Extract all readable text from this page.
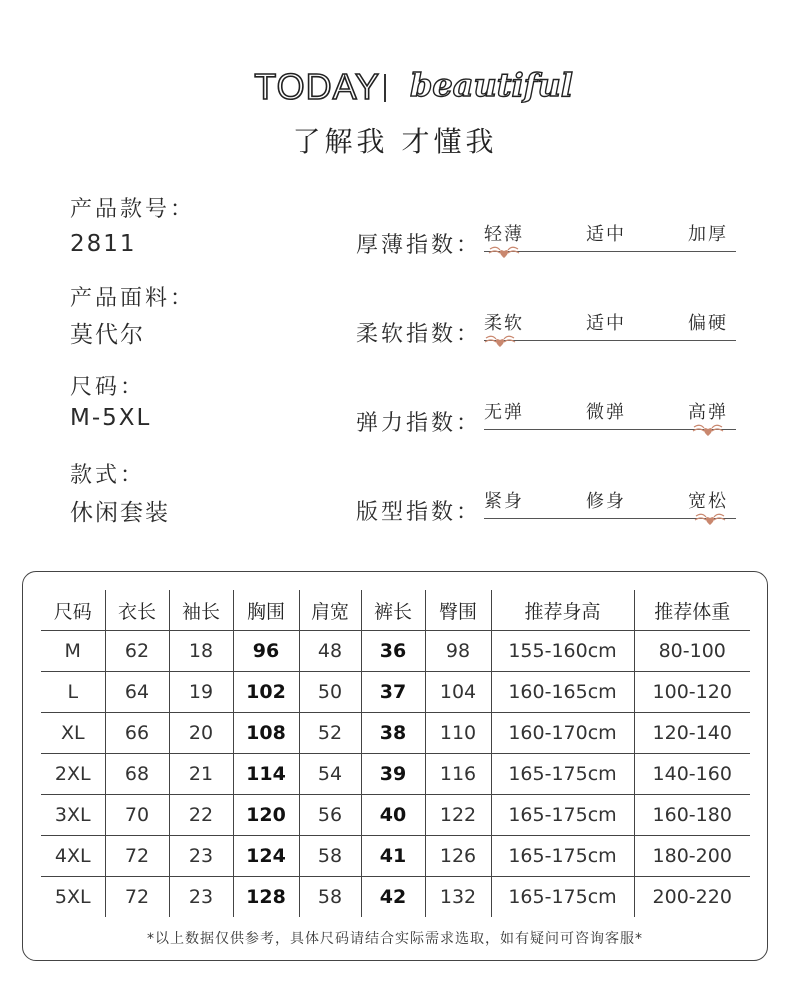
TODAY beautiful
了解我 才懂我
产品款号：
2811
产品面料：
莫代尔
尺码：
M-5XL
款式：
休闲套装
厚薄指数： 轻薄	适中	加厚
柔软指数： 柔软	适中	偏硬
弹力指数： 无弹	微弹	高弹
版型指数： 紧身	修身	宽松
尺码	衣长	袖长	胸围	肩宽	裤长	臀围	推荐身高	推荐体重
M	62	18	96	48	36	98	155-160cm	80-100
L	64	19	102	50	37	104	160-165cm	100-120
XL	66	20	108	52	38	110	160-170cm	120-140
2XL	68	21	114	54	39	116	165-175cm	140-160
3XL	70	22	120	56	40	122	165-175cm	160-180
4XL	72	23	124	58	41	126	165-175cm	180-200
5XL	72	23	128	58	42	132	165-175cm	200-220
*以上数据仅供参考，具体尺码请结合实际需求选取，如有疑问可咨询客服*
